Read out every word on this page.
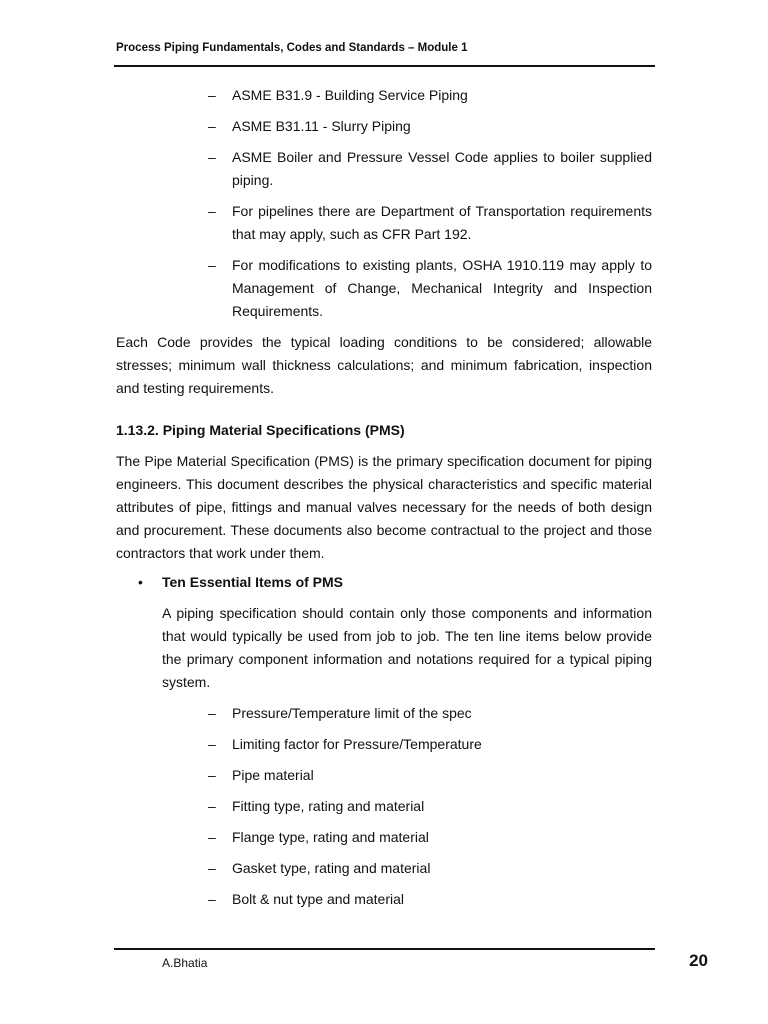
Process Piping Fundamentals, Codes and Standards – Module 1
– ASME B31.9 - Building Service Piping

– ASME B31.11 - Slurry Piping

– ASME Boiler and Pressure Vessel Code applies to boiler supplied piping.

– For pipelines there are Department of Transportation requirements that may apply, such as CFR Part 192.

– For modifications to existing plants, OSHA 1910.119 may apply to Management of Change, Mechanical Integrity and Inspection Requirements.

Each Code provides the typical loading conditions to be considered; allowable stresses; minimum wall thickness calculations; and minimum fabrication, inspection and testing requirements.

1.13.2. Piping Material Specifications (PMS)

The Pipe Material Specification (PMS) is the primary specification document for piping engineers. This document describes the physical characteristics and specific material attributes of pipe, fittings and manual valves necessary for the needs of both design and procurement. These documents also become contractual to the project and those contractors that work under them.

• Ten Essential Items of PMS

A piping specification should contain only those components and information that would typically be used from job to job. The ten line items below provide the primary component information and notations required for a typical piping system.

– Pressure/Temperature limit of the spec

– Limiting factor for Pressure/Temperature

– Pipe material

– Fitting type, rating and material

– Flange type, rating and material

– Gasket type, rating and material

– Bolt & nut type and material

A.Bhatia	20
